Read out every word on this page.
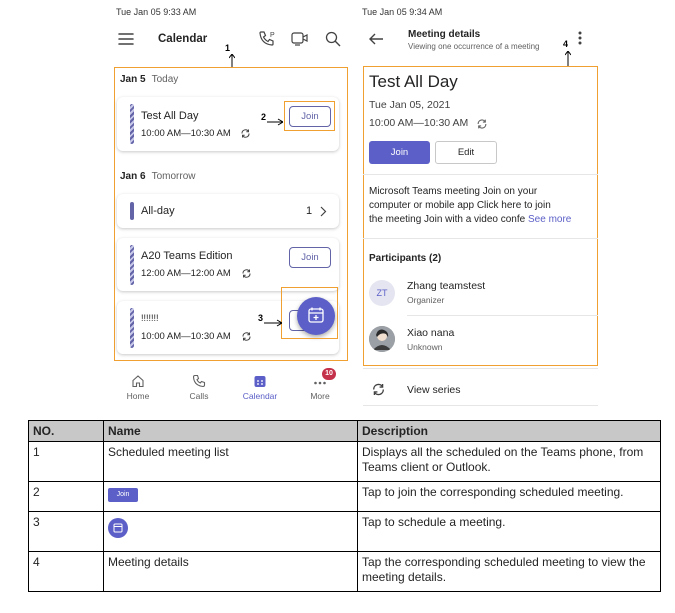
Tue Jan 05 9:33 AM
Calendar	P
1
Jan 5 Today
Test All Day
10:00 AM—10:30 AM
Join
2
Jan 6 Tomorrow
All-day	1
A20 Teams Edition
12:00 AM—12:00 AM
Join
!!!!!!!
10:00 AM—10:30 AM
3
Home	Calls	Calendar
10
More
Tue Jan 05 9:34 AM
Meeting details
Viewing one occurrence of a meeting	4
Test All Day
Tue Jan 05, 2021
10:00 AM—10:30 AM
Join	Edit
Microsoft Teams meeting Join on your
computer or mobile app Click here to join
the meeting Join with a video confe See more
Participants (2)
ZT
Zhang teamstest
Organizer
Xiao nana
Unknown
View series
NO.	Name	Description
1	Scheduled meeting list	Displays all the scheduled on the Teams phone, from Teams client or Outlook.
2	Join	Tap to join the corresponding scheduled meeting.
3		Tap to schedule a meeting.
4	Meeting details	Tap the corresponding scheduled meeting to view the meeting details.
